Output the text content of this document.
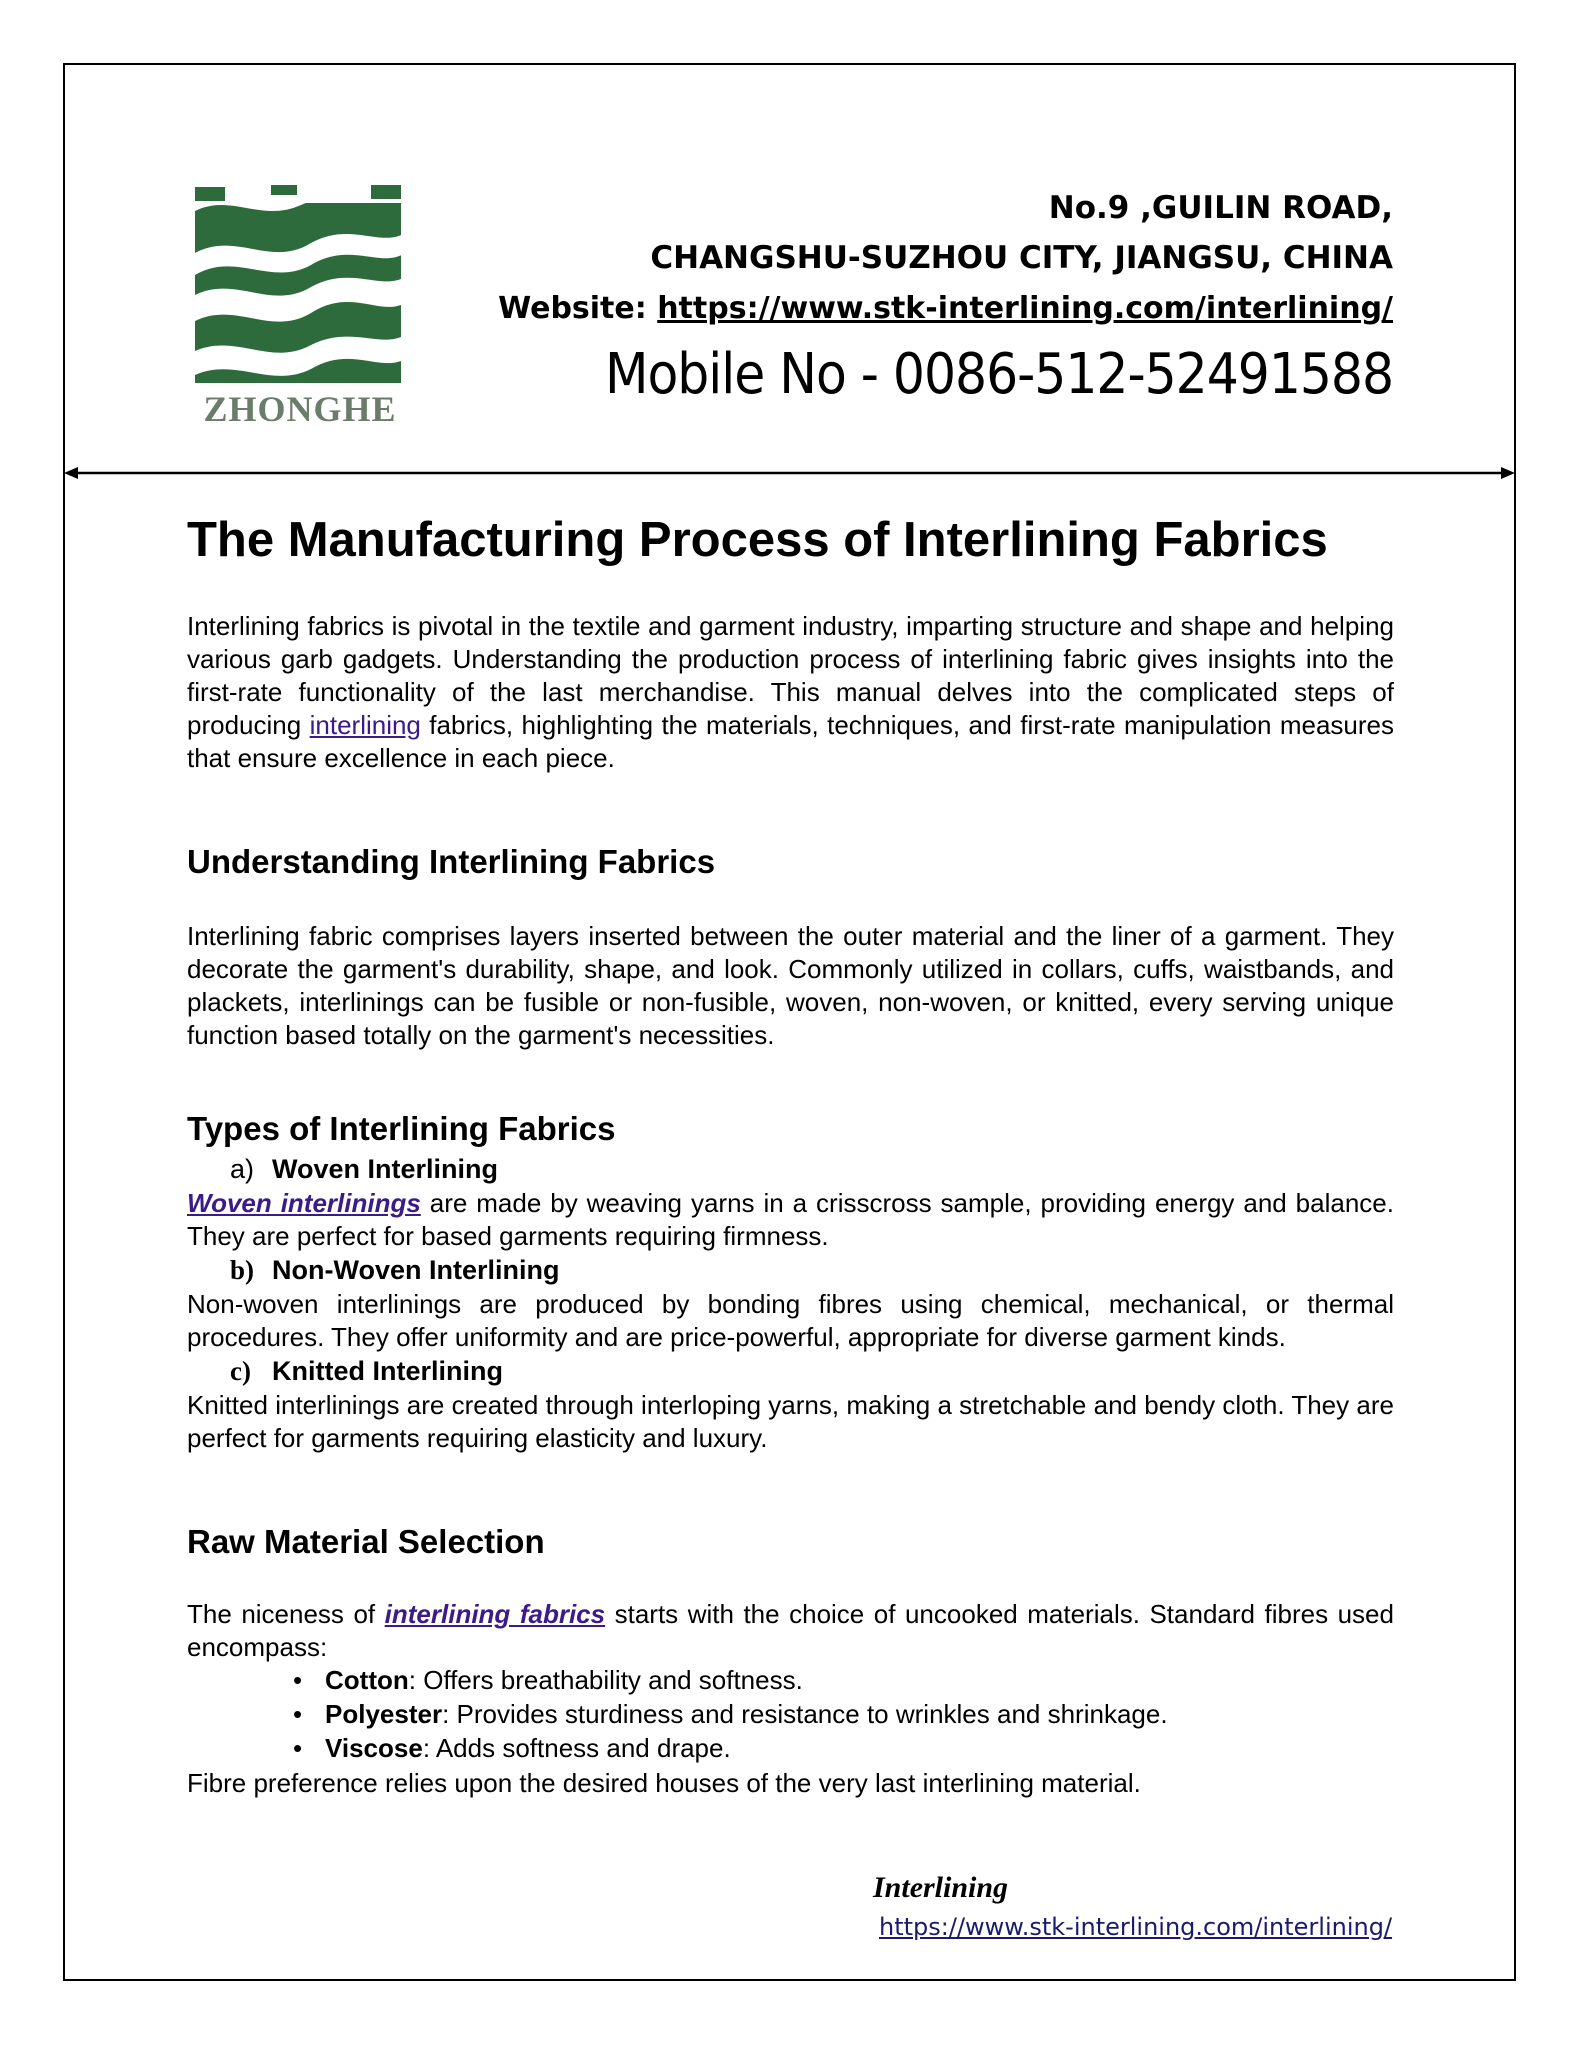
ZHONGHE
No.9 ,GUILIN ROAD,
CHANGSHU-SUZHOU CITY, JIANGSU, CHINA
Website: https://www.stk-interlining.com/interlining/
Mobile No - 0086-512-52491588
The Manufacturing Process of Interlining Fabrics

Interlining fabrics is pivotal in the textile and garment industry, imparting structure and shape and helping various garb gadgets. Understanding the production process of interlining fabric gives insights into the first-rate functionality of the last merchandise. This manual delves into the complicated steps of producing interlining fabrics, highlighting the materials, techniques, and first-rate manipulation measures that ensure excellence in each piece.

Understanding Interlining Fabrics

Interlining fabric comprises layers inserted between the outer material and the liner of a garment. They decorate the garment's durability, shape, and look. Commonly utilized in collars, cuffs, waistbands, and plackets, interlinings can be fusible or non-fusible, woven, non-woven, or knitted, every serving unique function based totally on the garment's necessities.

Types of Interlining Fabrics
a) Woven Interlining

Woven interlinings are made by weaving yarns in a crisscross sample, providing energy and balance. They are perfect for based garments requiring firmness.

b) Non-Woven Interlining

Non-woven interlinings are produced by bonding fibres using chemical, mechanical, or thermal procedures. They offer uniformity and are price-powerful, appropriate for diverse garment kinds.

c) Knitted Interlining

Knitted interlinings are created through interloping yarns, making a stretchable and bendy cloth. They are perfect for garments requiring elasticity and luxury.

Raw Material Selection

The niceness of interlining fabrics starts with the choice of uncooked materials. Standard fibres used encompass:

• Cotton: Offers breathability and softness.
• Polyester: Provides sturdiness and resistance to wrinkles and shrinkage.
• Viscose: Adds softness and drape.

Fibre preference relies upon the desired houses of the very last interlining material.

Interlining
https://www.stk-interlining.com/interlining/
